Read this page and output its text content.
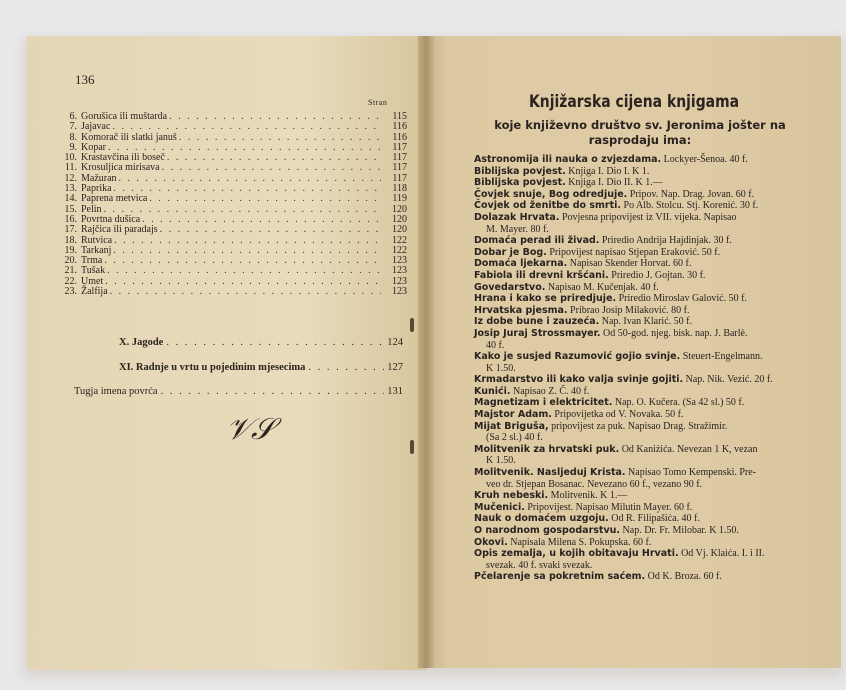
136
Stran
6. Gorušica ili muštarda . . .	115
7. Jajavac . . .	116
8. Komorač ili slatki januš . . .	116
9. Kopar . . .	117
10. Krastavčina ili boseč . . .	117
11. Krosuljica mirisava . . .	117
12. Mažuran . . .	117
13. Paprika . . .	118
14. Paprena metvica . . .	119
15. Pelin . . .	120
16. Povrtna dušica . . .	120
17. Rajčica ili paradajs . . .	120
18. Rutvica . . .	122
19. Tarkanj . . .	122
20. Trma . . .	123
21. Tušak . . .	123
22. Umet . . .	123
23. Žalfija . . .	123
X. Jagode . . .	124
XI. Radnje u vrtu u pojedinim mjesecima . . .	127
Tugja imena povrća . . .	131
𝒱𝒮
Knjižarska cijena knjigama
koje književno društvo sv. Jeronima jošter na rasprodaju ima:
Astronomija ili nauka o zvjezdama. Lockyer-Šenoa. 40 f.
Biblijska povjest. Knjiga I. Dio I. K 1.
Biblijska povjest. Knjiga I. Dio II. K 1.—
Čovjek snuje, Bog odredjuje. Pripov. Nap. Drag. Jovan. 60 f.
Čovjek od ženitbe do smrti. Po Alb. Stolcu. Stj. Korenić. 30 f.
Dolazak Hrvata. Povjesna pripovijest iz VII. vijeka. Napisao
M. Mayer. 80 f.
Domaća perad ili živad. Priredio Andrija Hajdinjak. 30 f.
Dobar je Bog. Pripovijest napisao Stjepan Eraković. 50 f.
Domaća ljekarna. Napisao Skender Horvat. 60 f.
Fabiola ili drevni kršćani. Priredio J. Gojtan. 30 f.
Govedarstvo. Napisao M. Kučenjak. 40 f.
Hrana i kako se priredjuje. Priredio Miroslav Galović. 50 f.
Hrvatska pjesma. Pribrao Josip Milaković. 80 f.
Iz dobe bune i zauzeća. Nap. Ivan Klarić. 50 f.
Josip Juraj Strossmayer. Od 50-god. njeg. bisk. nap. J. Barlè.
40 f.
Kako je susjed Razumović gojio svinje. Steuert-Engelmann.
K 1.50.
Krmadarstvo ili kako valja svinje gojiti. Nap. Nik. Vezić. 20 f.
Kunići. Napisao Z. Č. 40 f.
Magnetizam i elektricitet. Nap. O. Kučera. (Sa 42 sl.) 50 f.
Majstor Adam. Pripovijetka od V. Novaka. 50 f.
Mijat Briguša, pripovijest za puk. Napisao Drag. Stražimir.
(Sa 2 sl.) 40 f.
Molitvenik za hrvatski puk. Od Kaniżića. Nevezan 1 K, vezan
K 1.50.
Molitvenik. Nasljeduj Krista. Napisao Tomo Kempenski. Pre-
veo dr. Stjepan Bosanac. Nevezano 60 f., vezano 90 f.
Kruh nebeski. Molitvenik. K 1.—
Mučenici. Pripovijest. Napisao Milutin Mayer. 60 f.
Nauk o domaćem uzgoju. Od R. Filipašića. 40 f.
O narodnom gospodarstvu. Nap. Dr. Fr. Milobar. K 1.50.
Okovi. Napisala Milena S. Pokupska. 60 f.
Opis zemalja, u kojih obitavaju Hrvati. Od Vj. Klaića. I. i II.
svezak. 40 f. svaki svezak.
Pčelarenje sa pokretnim saćem. Od K. Broza. 60 f.
